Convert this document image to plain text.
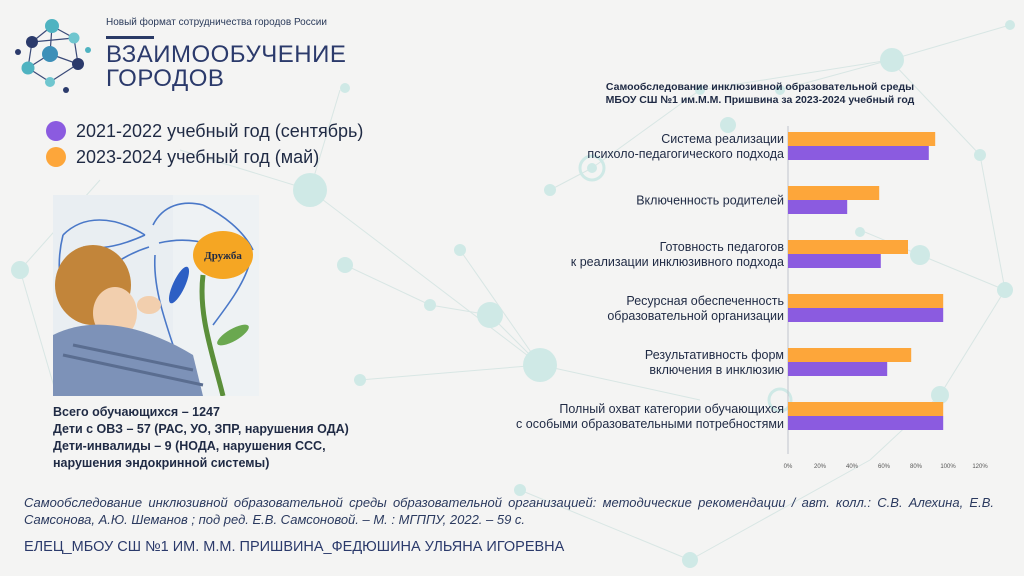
Новый формат сотрудничества городов России
ВЗАИМООБУЧЕНИЕ
ГОРОДОВ
2021-2022 учебный год (сентябрь)
2023-2024 учебный год (май)
Дружба
Всего обучающихся – 1247
Дети с ОВЗ – 57 (РАС, УО, ЗПР, нарушения ОДА)
Дети-инвалиды – 9 (НОДА, нарушения ССС,
нарушения эндокринной системы)
Самообследование инклюзивной образовательной среды образовательной организацией: методические рекомендации / авт. колл.: С.В. Алехина, Е.В. Самсонова, А.Ю. Шеманов ; под ред. Е.В. Самсоновой. – М. : МГППУ, 2022. – 59 с.
ЕЛЕЦ_МБОУ СШ №1 ИМ. М.М. ПРИШВИНА_ФЕДЮШИНА УЛЬЯНА ИГОРЕВНА
Самообследование инклюзивной образовательной среды
МБОУ СШ №1 им.М.М. Пришвина за 2023-2024 учебный год
Система реализации
психоло-педагогического подхода
Включенность родителей
Готовность педагогов
к реализации инклюзивного подхода
Ресурсная обеспеченность
образовательной организации
Результативность форм
включения в инклюзию
Полный охват категории обучающихся
с особыми образовательными потребностями
0%	20%	40%	60%	80%	100%	120%
